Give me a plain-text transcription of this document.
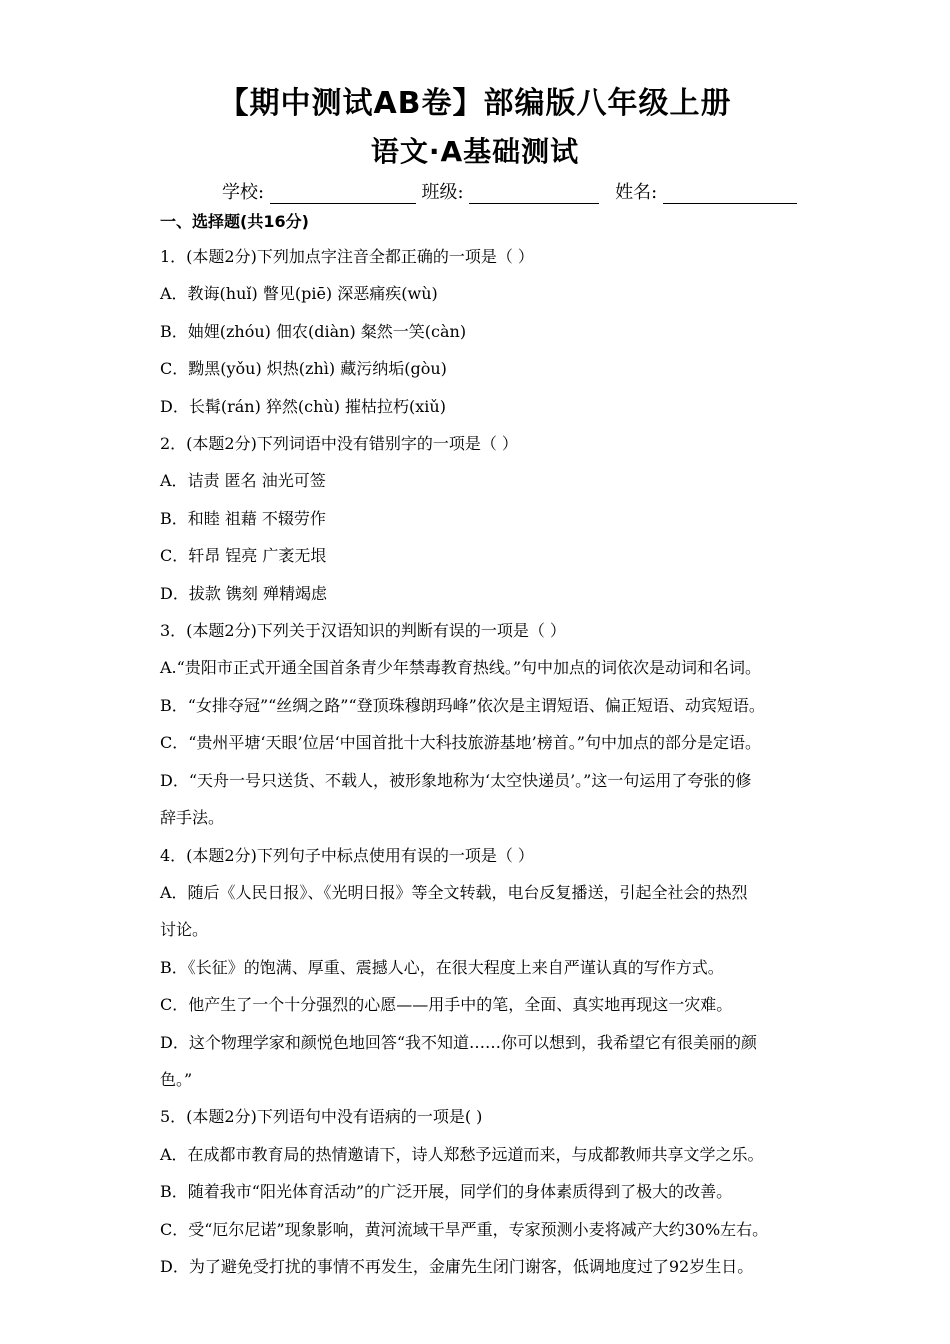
【期中测试AB卷】部编版八年级上册
语文·A基础测试
学校:	班级:	姓名:
一、选择题(共16分)
1．(本题2分)下列加点字注音全都正确的一项是（ ）
A．教诲(huǐ) 瞥见(piē) 深恶痛疾(wù)
B．妯娌(zhóu) 佃农(diàn) 粲然一笑(càn)
C．黝黑(yǒu) 炽热(zhì) 藏污纳垢(gòu)
D．长髯(rán) 猝然(chù) 摧枯拉朽(xiǔ)
2．(本题2分)下列词语中没有错别字的一项是（ ）
A．诘责 匿名 油光可签
B．和睦 祖藉 不辍劳作
C．轩昂 锃亮 广袤无垠
D．拔款 镌刻 殚精竭虑
3．(本题2分)下列关于汉语知识的判断有误的一项是（ ）
A.“贵阳市正式开通全国首条青少年禁毒教育热线。”句中加点的词依次是动词和名词。
B．“女排夺冠”“丝绸之路”“登顶珠穆朗玛峰”依次是主谓短语、偏正短语、动宾短语。
C．“贵州平塘‘天眼’位居‘中国首批十大科技旅游基地’榜首。”句中加点的部分是定语。
D．“天舟一号只送货、不载人，被形象地称为‘太空快递员’。”这一句运用了夸张的修
辞手法。
4．(本题2分)下列句子中标点使用有误的一项是（ ）
A．随后《人民日报》、《光明日报》等全文转载，电台反复播送，引起全社会的热烈
讨论。
B．《长征》的饱满、厚重、震撼人心，在很大程度上来自严谨认真的写作方式。
C．他产生了一个十分强烈的心愿——用手中的笔，全面、真实地再现这一灾难。
D．这个物理学家和颜悦色地回答“我不知道……你可以想到，我希望它有很美丽的颜
色。”
5．(本题2分)下列语句中没有语病的一项是( )
A．在成都市教育局的热情邀请下，诗人郑愁予远道而来，与成都教师共享文学之乐。
B．随着我市“阳光体育活动”的广泛开展，同学们的身体素质得到了极大的改善。
C．受“厄尔尼诺”现象影响，黄河流域干旱严重，专家预测小麦将减产大约30%左右。
D．为了避免受打扰的事情不再发生，金庸先生闭门谢客，低调地度过了92岁生日。
